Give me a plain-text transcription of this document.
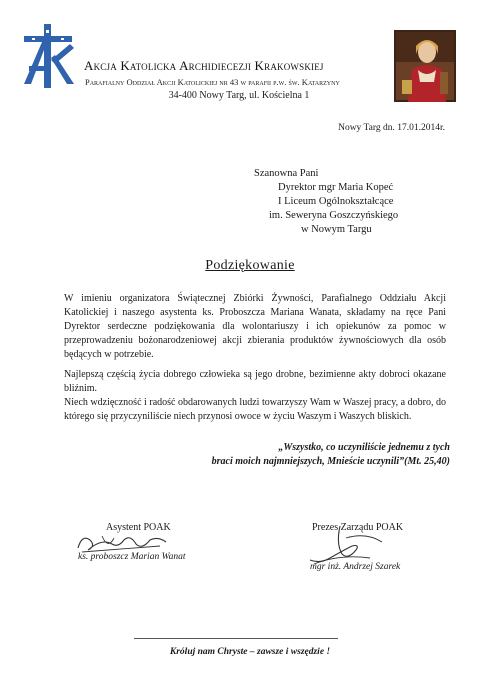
Akcja Katolicka Archidiecezji Krakowskiej
Parafialny Oddział Akcji Katolickiej nr 43 w parafii p.w. św. Katarzyny
34-400 Nowy Targ, ul. Kościelna 1
Nowy Targ dn. 17.01.2014r.
Szanowna Pani
Dyrektor mgr Maria Kopeć
I Liceum Ogólnokształcące
im. Seweryna Goszczyńskiego
w Nowym Targu
Podziękowanie
W imieniu organizatora Świątecznej Zbiórki Żywności, Parafialnego Oddziału Akcji Katolickiej i naszego asystenta ks. Proboszcza Mariana Wanata, składamy na ręce Pani Dyrektor serdeczne podziękowania dla wolontariuszy i ich opiekunów za pomoc w przeprowadzeniu bożonarodzeniowej akcji zbierania produktów żywnościowych dla osób będących w potrzebie.
Najlepszą częścią życia dobrego człowieka są jego drobne, bezimienne akty dobroci okazane bliźnim.
Niech wdzięczność i radość obdarowanych ludzi towarzyszy Wam w Waszej pracy, a dobro, do którego się przyczyniliście niech przynosi owoce w życiu Waszym i Waszych bliskich.
„Wszystko, co uczyniliście jednemu z tych
braci moich najmniejszych, Mnieście uczynili”(Mt. 25,40)
Asystent POAK
ks. proboszcz Marian Wanat
Prezes Zarządu POAK
mgr inż. Andrzej Szarek
Króluj nam Chryste – zawsze i wszędzie !
